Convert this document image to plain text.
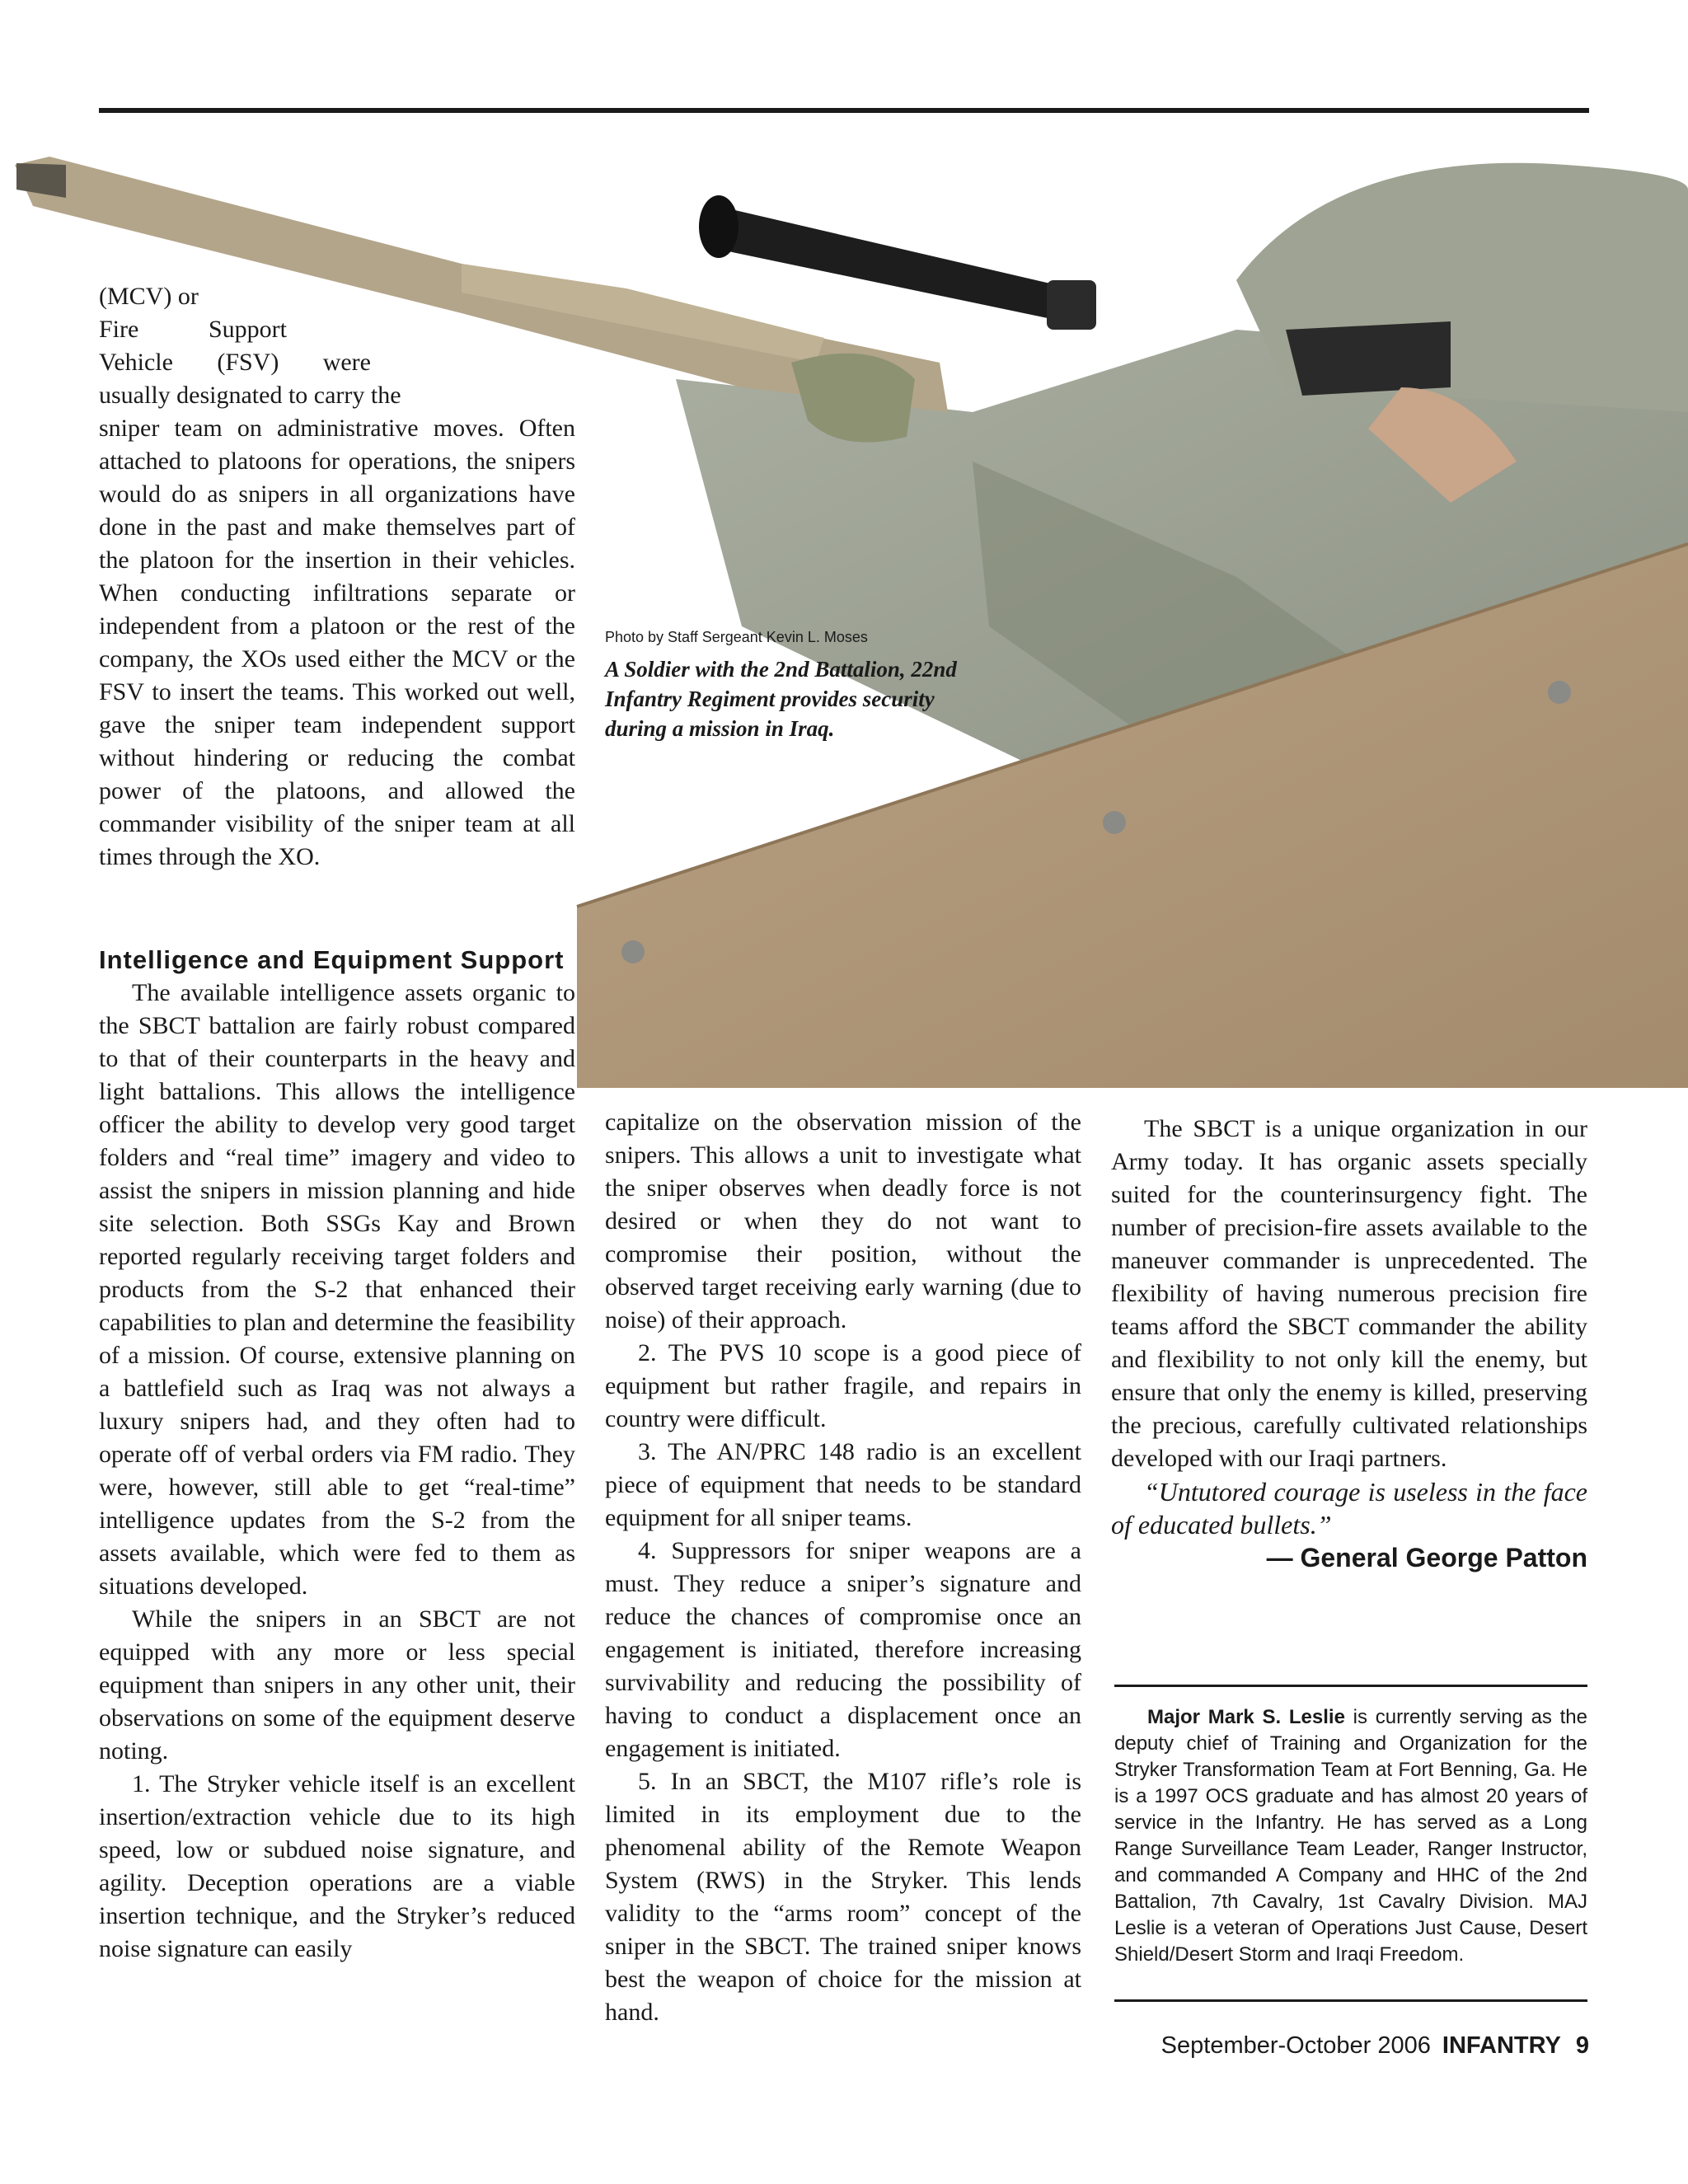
(MCV) or

Fire Support

Vehicle (FSV) were

usually designated to carry the

sniper team on administrative moves. Often attached to platoons for operations, the snipers would do as snipers in all organizations have done in the past and make themselves part of the platoon for the insertion in their vehicles. When conducting infiltrations separate or independent from a platoon or the rest of the company, the XOs used either the MCV or the FSV to insert the teams. This worked out well, gave the sniper team independent support without hindering or reducing the combat power of the platoons, and allowed the commander visibility of the sniper team at all times through the XO.

Intelligence and Equipment Support

The available intelligence assets organic to the SBCT battalion are fairly robust compared to that of their counterparts in the heavy and light battalions. This allows the intelligence officer the ability to develop very good target folders and “real time” imagery and video to assist the snipers in mission planning and hide site selection. Both SSGs Kay and Brown reported regularly receiving target folders and products from the S-2 that enhanced their capabilities to plan and determine the feasibility of a mission. Of course, extensive planning on a battlefield such as Iraq was not always a luxury snipers had, and they often had to operate off of verbal orders via FM radio. They were, however, still able to get “real-time” intelligence updates from the S-2 from the assets available, which were fed to them as situations developed.

While the snipers in an SBCT are not equipped with any more or less special equipment than snipers in any other unit, their observations on some of the equipment deserve noting.

1. The Stryker vehicle itself is an excellent insertion/extraction vehicle due to its high speed, low or subdued noise signature, and agility. Deception operations are a viable insertion technique, and the Stryker’s reduced noise signature can easily

Photo by Staff Sergeant Kevin L. Moses

A Soldier with the 2nd Battalion, 22nd Infantry Regiment provides security during a mission in Iraq.

capitalize on the observation mission of the snipers. This allows a unit to investigate what the sniper observes when deadly force is not desired or when they do not want to compromise their position, without the observed target receiving early warning (due to noise) of their approach.

2. The PVS 10 scope is a good piece of equipment but rather fragile, and repairs in country were difficult.

3. The AN/PRC 148 radio is an excellent piece of equipment that needs to be standard equipment for all sniper teams.

4. Suppressors for sniper weapons are a must. They reduce a sniper’s signature and reduce the chances of compromise once an engagement is initiated, therefore increasing survivability and reducing the possibility of having to conduct a displacement once an engagement is initiated.

5. In an SBCT, the M107 rifle’s role is limited in its employment due to the phenomenal ability of the Remote Weapon System (RWS) in the Stryker. This lends validity to the “arms room” concept of the sniper in the SBCT. The trained sniper knows best the weapon of choice for the mission at hand.

The SBCT is a unique organization in our Army today. It has organic assets specially suited for the counterinsurgency fight. The number of precision-fire assets available to the maneuver commander is unprecedented. The flexibility of having numerous precision fire teams afford the SBCT commander the ability and flexibility to not only kill the enemy, but ensure that only the enemy is killed, preserving the precious, carefully cultivated relationships developed with our Iraqi partners.

“Untutored courage is useless in the face of educated bullets.”

— General George Patton

Major Mark S. Leslie is currently serving as the deputy chief of Training and Organization for the Stryker Transformation Team at Fort Benning, Ga. He is a 1997 OCS graduate and has almost 20 years of service in the Infantry. He has served as a Long Range Surveillance Team Leader, Ranger Instructor, and commanded A Company and HHC of the 2nd Battalion, 7th Cavalry, 1st Cavalry Division. MAJ Leslie is a veteran of Operations Just Cause, Desert Shield/Desert Storm and Iraqi Freedom.

September-October 2006 INFANTRY 9
